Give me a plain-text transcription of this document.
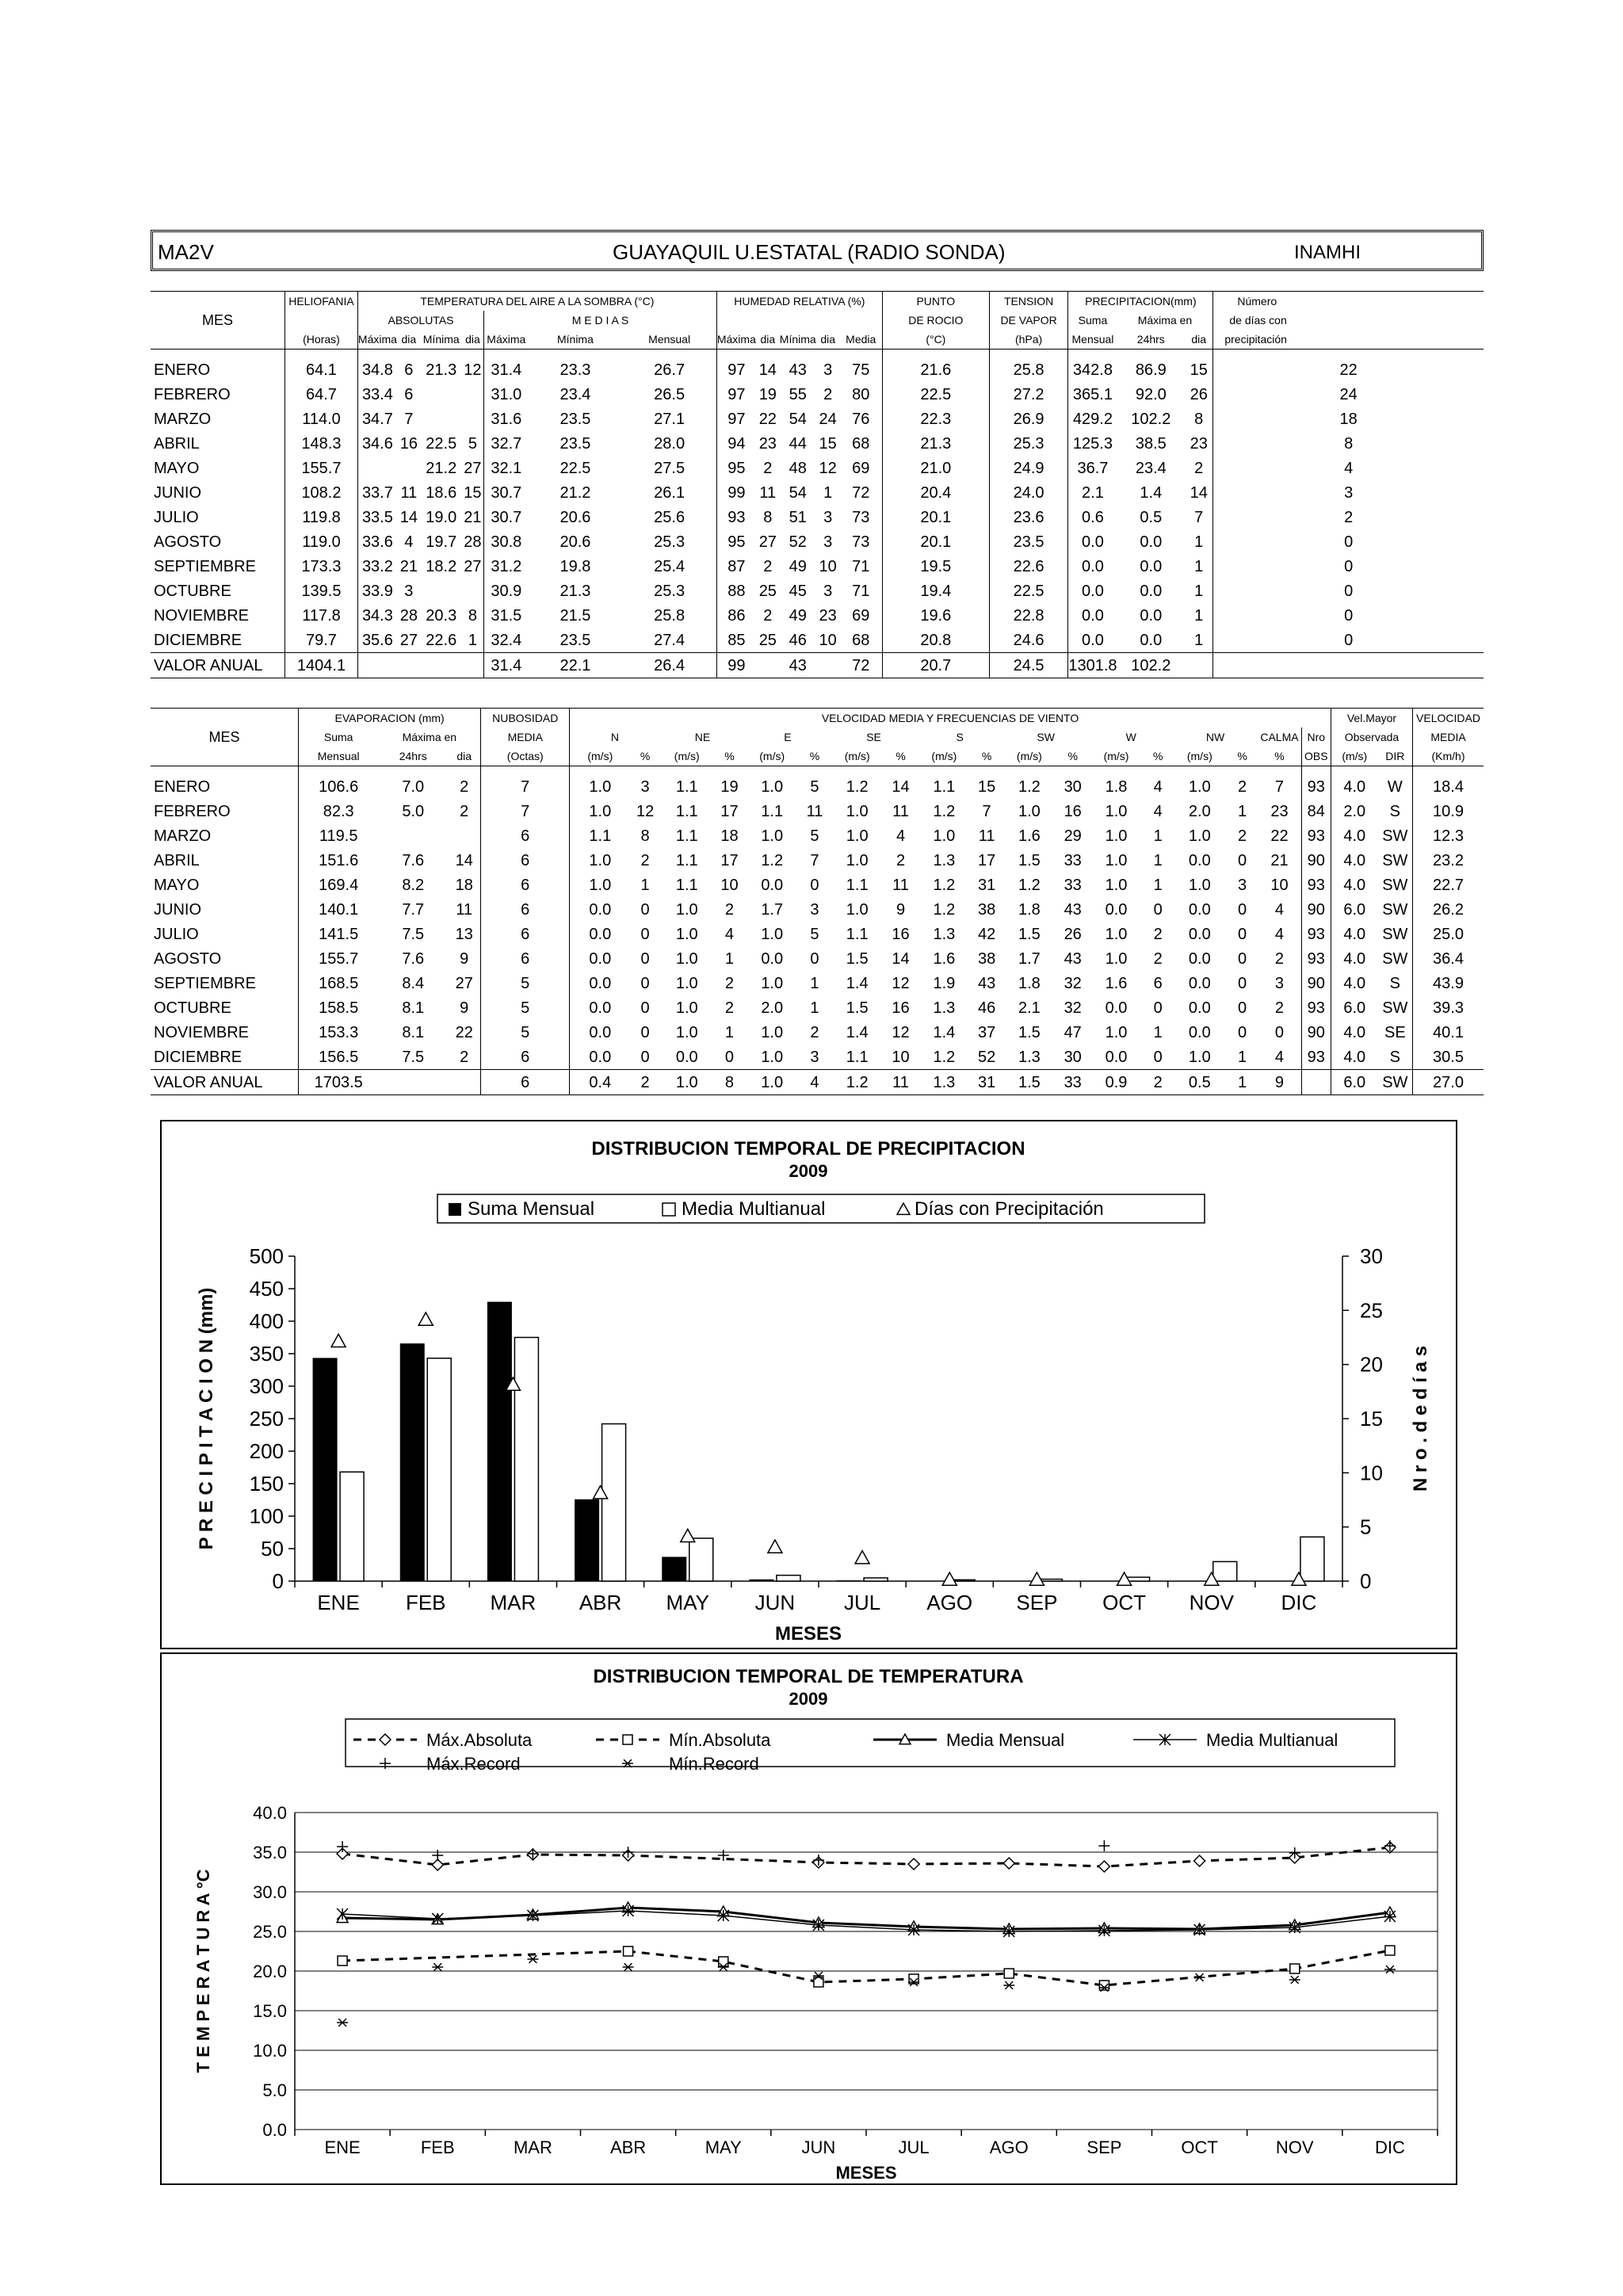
MA2V	GUAYAQUIL U.ESTATAL (RADIO SONDA)	INAMHI
MES	HELIOFANIA	TEMPERATURA DEL AIRE A LA SOMBRA (°C)							HUMEDAD RELATIVA (%)					PUNTO	TENSION	PRECIPITACION(mm)			Número
		ABSOLUTAS				M E D I A S								DE ROCIO	DE VAPOR	Suma	Máxima en		de días con
	(Horas)	Máxima	dia	Mínima	dia	Máxima	Mínima	Mensual	Máxima	dia	Mínima	dia	Media	(°C)	(hPa)	Mensual	24hrs	dia	precipitación
ENERO	64.1	34.8	6	21.3	12	31.4	23.3	26.7	97	14	43	3	75	21.6	25.8	342.8	86.9	15	22
FEBRERO	64.7	33.4	6			31.0	23.4	26.5	97	19	55	2	80	22.5	27.2	365.1	92.0	26	24
MARZO	114.0	34.7	7			31.6	23.5	27.1	97	22	54	24	76	22.3	26.9	429.2	102.2	8	18
ABRIL	148.3	34.6	16	22.5	5	32.7	23.5	28.0	94	23	44	15	68	21.3	25.3	125.3	38.5	23	8
MAYO	155.7			21.2	27	32.1	22.5	27.5	95	2	48	12	69	21.0	24.9	36.7	23.4	2	4
JUNIO	108.2	33.7	11	18.6	15	30.7	21.2	26.1	99	11	54	1	72	20.4	24.0	2.1	1.4	14	3
JULIO	119.8	33.5	14	19.0	21	30.7	20.6	25.6	93	8	51	3	73	20.1	23.6	0.6	0.5	7	2
AGOSTO	119.0	33.6	4	19.7	28	30.8	20.6	25.3	95	27	52	3	73	20.1	23.5	0.0	0.0	1	0
SEPTIEMBRE	173.3	33.2	21	18.2	27	31.2	19.8	25.4	87	2	49	10	71	19.5	22.6	0.0	0.0	1	0
OCTUBRE	139.5	33.9	3			30.9	21.3	25.3	88	25	45	3	71	19.4	22.5	0.0	0.0	1	0
NOVIEMBRE	117.8	34.3	28	20.3	8	31.5	21.5	25.8	86	2	49	23	69	19.6	22.8	0.0	0.0	1	0
DICIEMBRE	79.7	35.6	27	22.6	1	32.4	23.5	27.4	85	25	46	10	68	20.8	24.6	0.0	0.0	1	0
VALOR ANUAL	1404.1					31.4	22.1	26.4	99		43		72	20.7	24.5	1301.8	102.2		
MES	EVAPORACION (mm)			NUBOSIDAD	VELOCIDAD MEDIA Y FRECUENCIAS DE VIENTO																		Vel.Mayor		VELOCIDAD
	Suma	Máxima en		MEDIA	N		NE		E		SE		S		SW		W		NW		CALMA	Nro	Observada		MEDIA
	Mensual	24hrs	dia	(Octas)	(m/s)	%	(m/s)	%	(m/s)	%	(m/s)	%	(m/s)	%	(m/s)	%	(m/s)	%	(m/s)	%	%	OBS	(m/s)	DIR	(Km/h)
ENERO	106.6	7.0	2	7	1.0	3	1.1	19	1.0	5	1.2	14	1.1	15	1.2	30	1.8	4	1.0	2	7	93	4.0	W	18.4
FEBRERO	82.3	5.0	2	7	1.0	12	1.1	17	1.1	11	1.0	11	1.2	7	1.0	16	1.0	4	2.0	1	23	84	2.0	S	10.9
MARZO	119.5			6	1.1	8	1.1	18	1.0	5	1.0	4	1.0	11	1.6	29	1.0	1	1.0	2	22	93	4.0	SW	12.3
ABRIL	151.6	7.6	14	6	1.0	2	1.1	17	1.2	7	1.0	2	1.3	17	1.5	33	1.0	1	0.0	0	21	90	4.0	SW	23.2
MAYO	169.4	8.2	18	6	1.0	1	1.1	10	0.0	0	1.1	11	1.2	31	1.2	33	1.0	1	1.0	3	10	93	4.0	SW	22.7
JUNIO	140.1	7.7	11	6	0.0	0	1.0	2	1.7	3	1.0	9	1.2	38	1.8	43	0.0	0	0.0	0	4	90	6.0	SW	26.2
JULIO	141.5	7.5	13	6	0.0	0	1.0	4	1.0	5	1.1	16	1.3	42	1.5	26	1.0	2	0.0	0	4	93	4.0	SW	25.0
AGOSTO	155.7	7.6	9	6	0.0	0	1.0	1	0.0	0	1.5	14	1.6	38	1.7	43	1.0	2	0.0	0	2	93	4.0	SW	36.4
SEPTIEMBRE	168.5	8.4	27	5	0.0	0	1.0	2	1.0	1	1.4	12	1.9	43	1.8	32	1.6	6	0.0	0	3	90	4.0	S	43.9
OCTUBRE	158.5	8.1	9	5	0.0	0	1.0	2	2.0	1	1.5	16	1.3	46	2.1	32	0.0	0	0.0	0	2	93	6.0	SW	39.3
NOVIEMBRE	153.3	8.1	22	5	0.0	0	1.0	1	1.0	2	1.4	12	1.4	37	1.5	47	1.0	1	0.0	0	0	90	4.0	SE	40.1
DICIEMBRE	156.5	7.5	2	6	0.0	0	0.0	0	1.0	3	1.1	10	1.2	52	1.3	30	0.0	0	1.0	1	4	93	4.0	S	30.5
VALOR ANUAL	1703.5			6	0.4	2	1.0	8	1.0	4	1.2	11	1.3	31	1.5	33	0.9	2	0.5	1	9		6.0	SW	27.0
DISTRIBUCION TEMPORAL DE PRECIPITACION
2009
Suma Mensual	Media Multianual	Días con Precipitación
0
50
100
150
200
250
300
350
400
450
500
0
5
10
15
20
25
30
ENE FEB MAR ABR MAY JUN JUL AGO SEP OCT NOV DIC
MESES
P R E C I P I T A C I O N (mm)	N r o . d e d í a s
DISTRIBUCION TEMPORAL DE TEMPERATURA
2009
Máx.Absoluta	Mín.Absoluta	Media Mensual	Media Multianual
Máx.Record	Mín.Record
0.0
5.0
10.0
15.0
20.0
25.0
30.0
35.0
40.0
ENE	FEB	MAR	ABR	MAY	JUN	JUL	AGO	SEP	OCT	NOV	DIC
MESES
T E M P E R A T U R A °C
